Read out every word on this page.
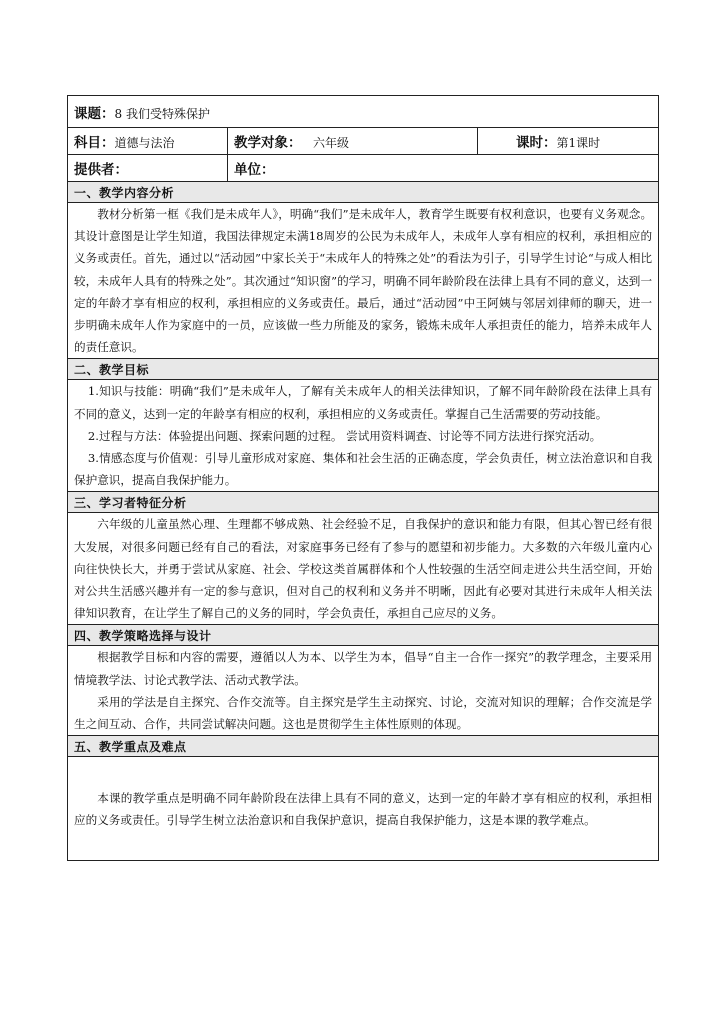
课题：8 我们受特殊保护		
科目：道德与法治	教学对象： 六年级	课时：第1课时
提供者：	单位：	
一、教学内容分析		

教材分析第一框《我们是未成年人》，明确“我们”是未成年人，教育学生既要有权利意识，也要有义务观念。其设计意图是让学生知道，我国法律规定未满18周岁的公民为未成年人，未成年人享有相应的权利，承担相应的义务或责任。首先，通过以“活动园”中家长关于“未成年人的特殊之处”的看法为引子，引导学生讨论“与成人相比较，未成年人具有的特殊之处”。其次通过“知识窗”的学习，明确不同年龄阶段在法律上具有不同的意义，达到一定的年龄才享有相应的权利，承担相应的义务或责任。最后，通过“活动园”中王阿姨与邻居刘律师的聊天，进一步明确未成年人作为家庭中的一员，应该做一些力所能及的家务，锻炼未成年人承担责任的能力，培养未成年人的责任意识。		

二、教学目标		

1.知识与技能：明确“我们”是未成年人，了解有关未成年人的相关法律知识，了解不同年龄阶段在法律上具有不同的意义，达到一定的年龄享有相应的权利，承担相应的义务或责任。掌握自己生活需要的劳动技能。

2.过程与方法：体验提出问题、探索问题的过程。 尝试用资料调查、讨论等不同方法进行探究活动。

3.情感态度与价值观：引导儿童形成对家庭、集体和社会生活的正确态度，学会负责任，树立法治意识和自我保护意识，提高自我保护能力。		

三、学习者特征分析		

六年级的儿童虽然心理、生理都不够成熟、社会经验不足，自我保护的意识和能力有限，但其心智已经有很大发展，对很多问题已经有自己的看法，对家庭事务已经有了参与的愿望和初步能力。大多数的六年级儿童内心向往快快长大，并勇于尝试从家庭、社会、学校这类首属群体和个人性较强的生活空间走进公共生活空间，开始对公共生活感兴趣并有一定的参与意识，但对自己的权利和义务并不明晰，因此有必要对其进行未成年人相关法律知识教育，在让学生了解自己的义务的同时，学会负责任，承担自己应尽的义务。		

四、教学策略选择与设计		

根据教学目标和内容的需要，遵循以人为本、以学生为本，倡导“自主一合作一探究”的教学理念，主要采用情境教学法、讨论式教学法、活动式教学法。

采用的学法是自主探究、合作交流等。自主探究是学生主动探究、讨论，交流对知识的理解；合作交流是学生之间互动、合作，共同尝试解决问题。这也是贯彻学生主体性原则的体现。		

五、教学重点及难点		

本课的教学重点是明确不同年龄阶段在法律上具有不同的意义，达到一定的年龄才享有相应的权利，承担相应的义务或责任。引导学生树立法治意识和自我保护意识，提高自我保护能力，这是本课的教学难点。		
